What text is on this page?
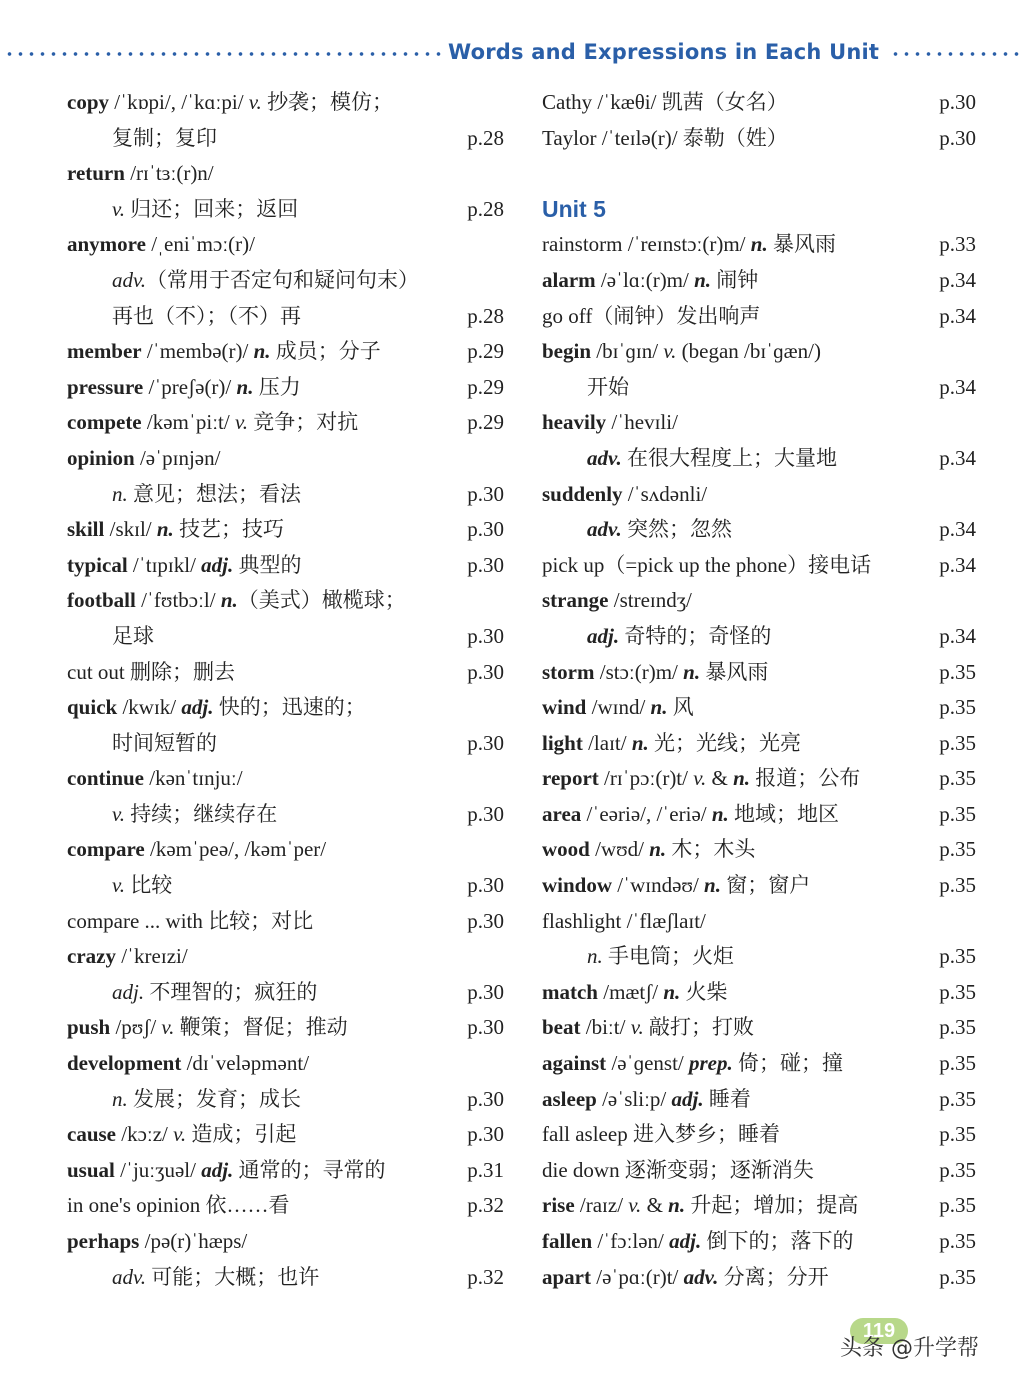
Words and Expressions in Each Unit
copy /ˈkɒpi/, /ˈkɑːpi/ v. 抄袭；模仿；
复制；复印	p.28
return /rɪˈtɜː(r)n/
v. 归还；回来；返回	p.28
anymore /ˌeniˈmɔː(r)/
adv.（常用于否定句和疑问句末）
再也（不）；（不）再	p.28
member /ˈmembə(r)/ n. 成员；分子	p.29
pressure /ˈpreʃə(r)/ n. 压力	p.29
compete /kəmˈpiːt/ v. 竞争；对抗	p.29
opinion /əˈpɪnjən/
n. 意见；想法；看法	p.30
skill /skɪl/ n. 技艺；技巧	p.30
typical /ˈtɪpɪkl/ adj. 典型的	p.30
football /ˈfʊtbɔːl/ n.（美式）橄榄球；
足球	p.30
cut out 删除；删去	p.30
quick /kwɪk/ adj. 快的；迅速的；
时间短暂的	p.30
continue /kənˈtɪnjuː/
v. 持续；继续存在	p.30
compare /kəmˈpeə/, /kəmˈper/
v. 比较	p.30
compare ... with 比较；对比	p.30
crazy /ˈkreɪzi/
adj. 不理智的；疯狂的	p.30
push /pʊʃ/ v. 鞭策；督促；推动	p.30
development /dɪˈveləpmənt/
n. 发展；发育；成长	p.30
cause /kɔːz/ v. 造成；引起	p.30
usual /ˈjuːʒuəl/ adj. 通常的；寻常的	p.31
in one's opinion 依……看	p.32
perhaps /pə(r)ˈhæps/
adv. 可能；大概；也许	p.32
Cathy /ˈkæθi/ 凯茜（女名）	p.30
Taylor /ˈteɪlə(r)/ 泰勒（姓）	p.30
Unit 5
rainstorm /ˈreɪnstɔː(r)m/ n. 暴风雨	p.33
alarm /əˈlɑː(r)m/ n. 闹钟	p.34
go off（闹钟）发出响声	p.34
begin /bɪˈɡɪn/ v. (began /bɪˈɡæn/)
开始	p.34
heavily /ˈhevɪli/
adv. 在很大程度上；大量地	p.34
suddenly /ˈsʌdənli/
adv. 突然；忽然	p.34
pick up（=pick up the phone）接电话	p.34
strange /streɪndʒ/
adj. 奇特的；奇怪的	p.34
storm /stɔː(r)m/ n. 暴风雨	p.35
wind /wɪnd/ n. 风	p.35
light /laɪt/ n. 光；光线；光亮	p.35
report /rɪˈpɔː(r)t/ v. & n. 报道；公布	p.35
area /ˈeəriə/, /ˈeriə/ n. 地域；地区	p.35
wood /wʊd/ n. 木；木头	p.35
window /ˈwɪndəʊ/ n. 窗；窗户	p.35
flashlight /ˈflæʃlaɪt/
n. 手电筒；火炬	p.35
match /mætʃ/ n. 火柴	p.35
beat /biːt/ v. 敲打；打败	p.35
against /əˈɡenst/ prep. 倚；碰；撞	p.35
asleep /əˈsliːp/ adj. 睡着	p.35
fall asleep 进入梦乡；睡着	p.35
die down 逐渐变弱；逐渐消失	p.35
rise /raɪz/ v. & n. 升起；增加；提高	p.35
fallen /ˈfɔːlən/ adj. 倒下的；落下的	p.35
apart /əˈpɑː(r)t/ adv. 分离；分开	p.35
119
头条 @升学帮
